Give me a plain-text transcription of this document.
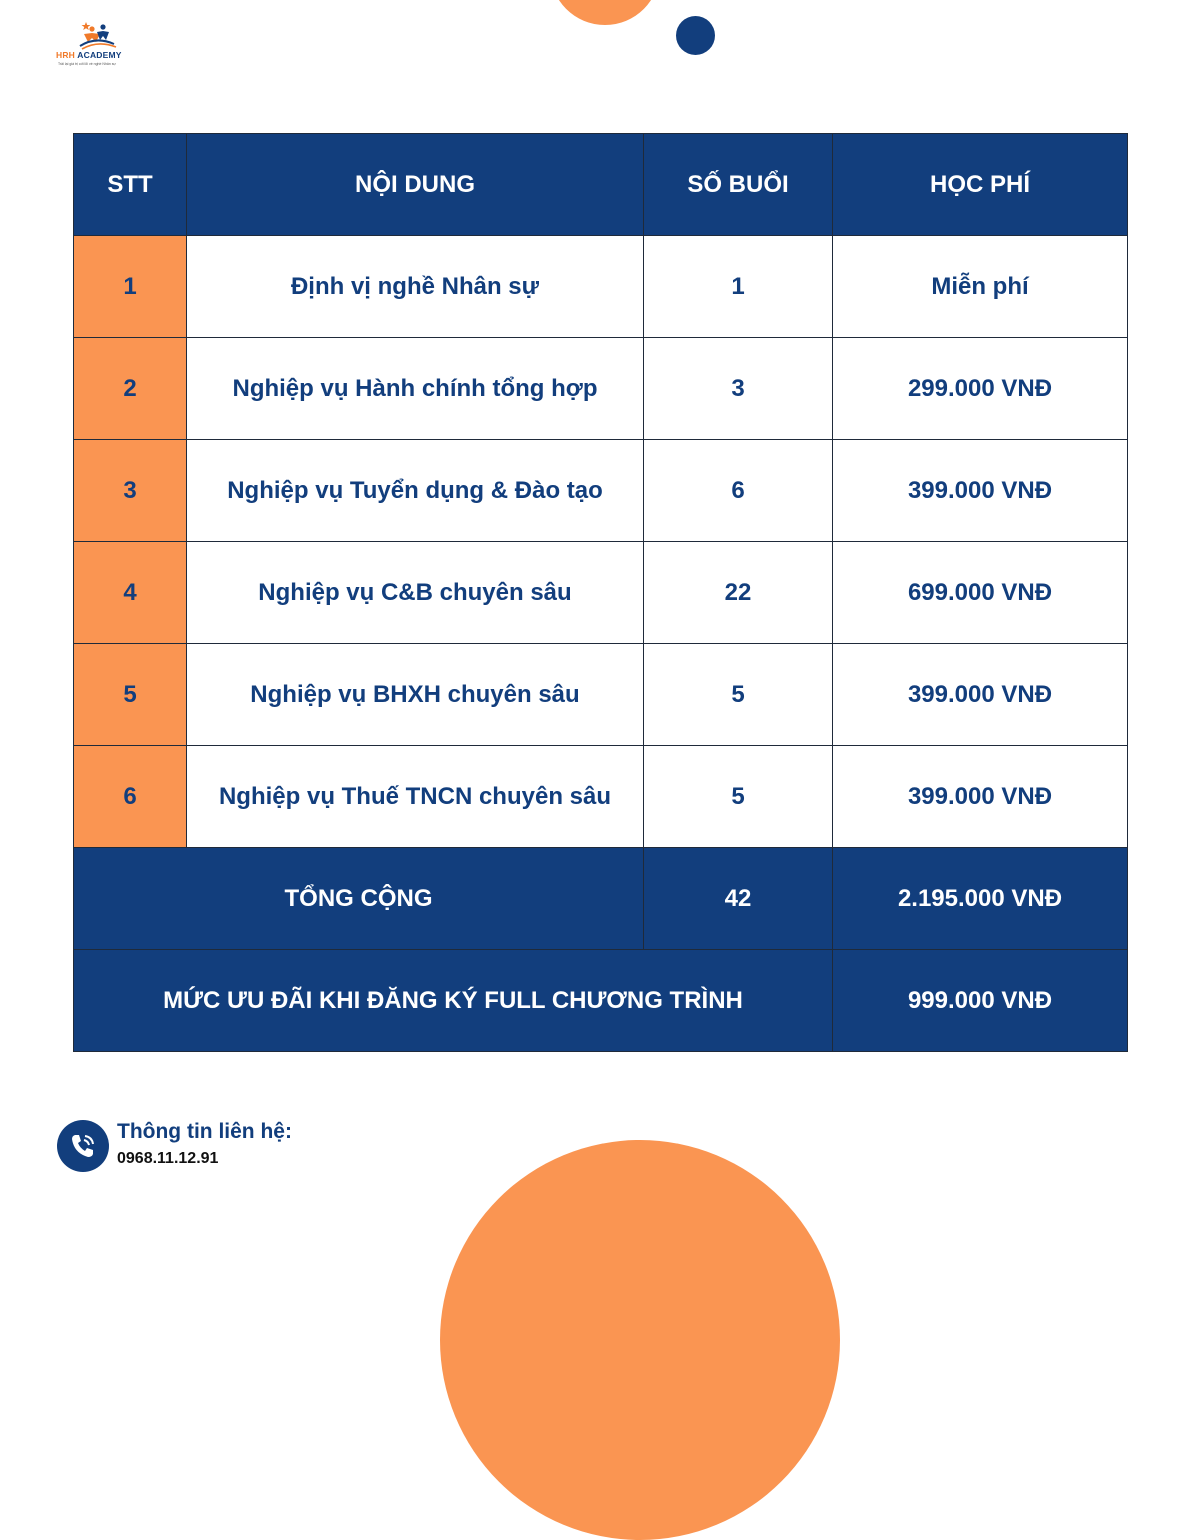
HRH ACADEMY
Trải lại giá trị cốt lõi về nghề Nhân sự
STT	NỘI DUNG	SỐ BUỔI	HỌC PHÍ
1	Định vị nghề Nhân sự	1	Miễn phí
2	Nghiệp vụ Hành chính tổng hợp	3	299.000 VNĐ
3	Nghiệp vụ Tuyển dụng & Đào tạo	6	399.000 VNĐ
4	Nghiệp vụ C&B chuyên sâu	22	699.000 VNĐ
5	Nghiệp vụ BHXH chuyên sâu	5	399.000 VNĐ
6	Nghiệp vụ Thuế TNCN chuyên sâu	5	399.000 VNĐ
TỔNG CỘNG		42	2.195.000 VNĐ
MỨC ƯU ĐÃI KHI ĐĂNG KÝ FULL CHƯƠNG TRÌNH			999.000 VNĐ
Thông tin liên hệ:
0968.11.12.91
